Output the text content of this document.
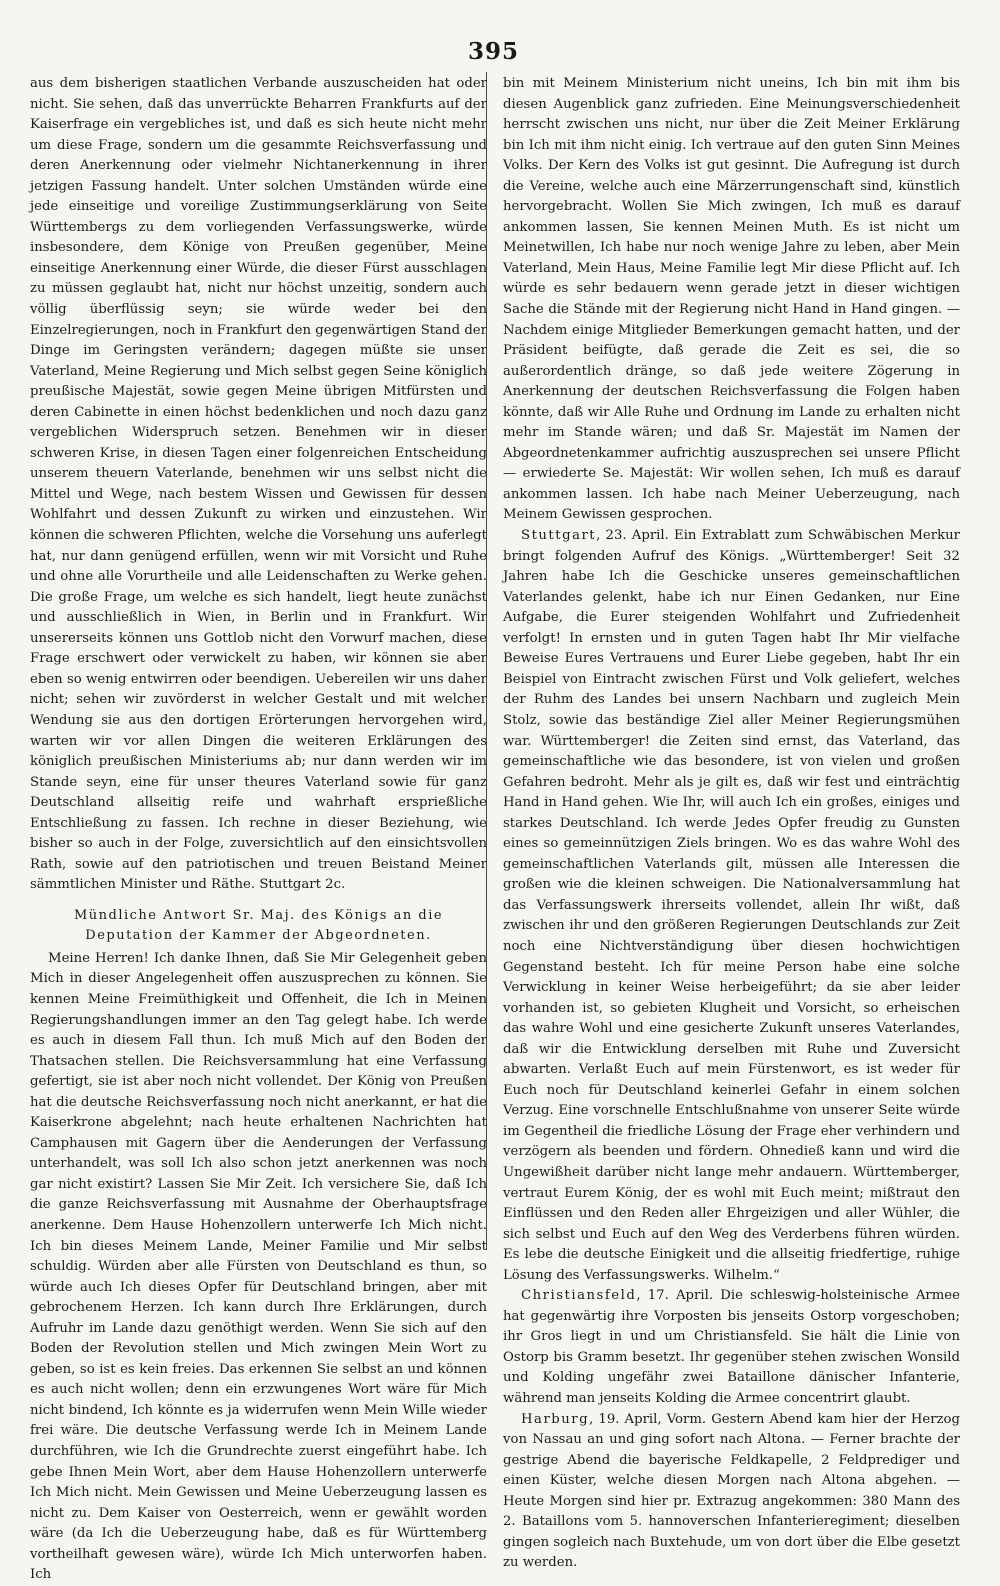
395

aus dem bisherigen staatlichen Verbande auszuscheiden hat oder nicht. Sie sehen, daß das unverrückte Beharren Frankfurts auf der Kaiserfrage ein vergebliches ist, und daß es sich heute nicht mehr um diese Frage, sondern um die gesammte Reichsverfassung und deren Anerkennung oder vielmehr Nichtanerkennung in ihrer jetzigen Fassung handelt. Unter solchen Umständen würde eine jede einseitige und voreilige Zustimmungserklärung von Seite Württembergs zu dem vorliegenden Verfassungswerke, würde insbesondere, dem Könige von Preußen gegenüber, Meine einseitige Anerkennung einer Würde, die dieser Fürst ausschlagen zu müssen geglaubt hat, nicht nur höchst unzeitig, sondern auch völlig überflüssig seyn; sie würde weder bei den Einzelregierungen, noch in Frankfurt den gegenwärtigen Stand der Dinge im Geringsten verändern; dagegen müßte sie unser Vaterland, Meine Regierung und Mich selbst gegen Seine königlich preußische Majestät, sowie gegen Meine übrigen Mitfürsten und deren Cabinette in einen höchst bedenklichen und noch dazu ganz vergeblichen Widerspruch setzen. Benehmen wir in dieser schweren Krise, in diesen Tagen einer folgenreichen Entscheidung unserem theuern Vaterlande, benehmen wir uns selbst nicht die Mittel und Wege, nach bestem Wissen und Gewissen für dessen Wohlfahrt und dessen Zukunft zu wirken und einzustehen. Wir können die schweren Pflichten, welche die Vorsehung uns auferlegt hat, nur dann genügend erfüllen, wenn wir mit Vorsicht und Ruhe und ohne alle Vorurtheile und alle Leidenschaften zu Werke gehen. Die große Frage, um welche es sich handelt, liegt heute zunächst und ausschließlich in Wien, in Berlin und in Frankfurt. Wir unsererseits können uns Gottlob nicht den Vorwurf machen, diese Frage erschwert oder verwickelt zu haben, wir können sie aber eben so wenig entwirren oder beendigen. Uebereilen wir uns daher nicht; sehen wir zuvörderst in welcher Gestalt und mit welcher Wendung sie aus den dortigen Erörterungen hervorgehen wird, warten wir vor allen Dingen die weiteren Erklärungen des königlich preußischen Ministeriums ab; nur dann werden wir im Stande seyn, eine für unser theures Vaterland sowie für ganz Deutschland allseitig reife und wahrhaft ersprießliche Entschließung zu fassen. Ich rechne in dieser Beziehung, wie bisher so auch in der Folge, zuversichtlich auf den einsichtsvollen Rath, sowie auf den patriotischen und treuen Beistand Meiner sämmtlichen Minister und Räthe. Stuttgart 2c.

Mündliche Antwort Sr. Maj. des Königs an die Deputation der Kammer der Abgeordneten.

Meine Herren! Ich danke Ihnen, daß Sie Mir Gelegenheit geben Mich in dieser Angelegenheit offen auszusprechen zu können. Sie kennen Meine Freimüthigkeit und Offenheit, die Ich in Meinen Regierungshandlungen immer an den Tag gelegt habe. Ich werde es auch in diesem Fall thun. Ich muß Mich auf den Boden der Thatsachen stellen. Die Reichsversammlung hat eine Verfassung gefertigt, sie ist aber noch nicht vollendet. Der König von Preußen hat die deutsche Reichsverfassung noch nicht anerkannt, er hat die Kaiserkrone abgelehnt; nach heute erhaltenen Nachrichten hat Camphausen mit Gagern über die Aenderungen der Verfassung unterhandelt, was soll Ich also schon jetzt anerkennen was noch gar nicht existirt? Lassen Sie Mir Zeit. Ich versichere Sie, daß Ich die ganze Reichsverfassung mit Ausnahme der Oberhauptsfrage anerkenne. Dem Hause Hohenzollern unterwerfe Ich Mich nicht. Ich bin dieses Meinem Lande, Meiner Familie und Mir selbst schuldig. Würden aber alle Fürsten von Deutschland es thun, so würde auch Ich dieses Opfer für Deutschland bringen, aber mit gebrochenem Herzen. Ich kann durch Ihre Erklärungen, durch Aufruhr im Lande dazu genöthigt werden. Wenn Sie sich auf den Boden der Revolution stellen und Mich zwingen Mein Wort zu geben, so ist es kein freies. Das erkennen Sie selbst an und können es auch nicht wollen; denn ein erzwungenes Wort wäre für Mich nicht bindend, Ich könnte es ja widerrufen wenn Mein Wille wieder frei wäre. Die deutsche Verfassung werde Ich in Meinem Lande durchführen, wie Ich die Grundrechte zuerst eingeführt habe. Ich gebe Ihnen Mein Wort, aber dem Hause Hohenzollern unterwerfe Ich Mich nicht. Mein Gewissen und Meine Ueberzeugung lassen es nicht zu. Dem Kaiser von Oesterreich, wenn er gewählt worden wäre (da Ich die Ueberzeugung habe, daß es für Württemberg vortheilhaft gewesen wäre), würde Ich Mich unterworfen haben. Ich

bin mit Meinem Ministerium nicht uneins, Ich bin mit ihm bis diesen Augenblick ganz zufrieden. Eine Meinungsverschiedenheit herrscht zwischen uns nicht, nur über die Zeit Meiner Erklärung bin Ich mit ihm nicht einig. Ich vertraue auf den guten Sinn Meines Volks. Der Kern des Volks ist gut gesinnt. Die Aufregung ist durch die Vereine, welche auch eine Märzerrungenschaft sind, künstlich hervorgebracht. Wollen Sie Mich zwingen, Ich muß es darauf ankommen lassen, Sie kennen Meinen Muth. Es ist nicht um Meinetwillen, Ich habe nur noch wenige Jahre zu leben, aber Mein Vaterland, Mein Haus, Meine Familie legt Mir diese Pflicht auf. Ich würde es sehr bedauern wenn gerade jetzt in dieser wichtigen Sache die Stände mit der Regierung nicht Hand in Hand gingen. — Nachdem einige Mitglieder Bemerkungen gemacht hatten, und der Präsident beifügte, daß gerade die Zeit es sei, die so außerordentlich dränge, so daß jede weitere Zögerung in Anerkennung der deutschen Reichsverfassung die Folgen haben könnte, daß wir Alle Ruhe und Ordnung im Lande zu erhalten nicht mehr im Stande wären; und daß Sr. Majestät im Namen der Abgeordnetenkammer aufrichtig auszusprechen sei unsere Pflicht — erwiederte Se. Majestät: Wir wollen sehen, Ich muß es darauf ankommen lassen. Ich habe nach Meiner Ueberzeugung, nach Meinem Gewissen gesprochen.

Stuttgart, 23. April. Ein Extrablatt zum Schwäbischen Merkur bringt folgenden Aufruf des Königs. „Württemberger! Seit 32 Jahren habe Ich die Geschicke unseres gemeinschaftlichen Vaterlandes gelenkt, habe ich nur Einen Gedanken, nur Eine Aufgabe, die Eurer steigenden Wohlfahrt und Zufriedenheit verfolgt! In ernsten und in guten Tagen habt Ihr Mir vielfache Beweise Eures Vertrauens und Eurer Liebe gegeben, habt Ihr ein Beispiel von Eintracht zwischen Fürst und Volk geliefert, welches der Ruhm des Landes bei unsern Nachbarn und zugleich Mein Stolz, sowie das beständige Ziel aller Meiner Regierungsmühen war. Württemberger! die Zeiten sind ernst, das Vaterland, das gemeinschaftliche wie das besondere, ist von vielen und großen Gefahren bedroht. Mehr als je gilt es, daß wir fest und einträchtig Hand in Hand gehen. Wie Ihr, will auch Ich ein großes, einiges und starkes Deutschland. Ich werde Jedes Opfer freudig zu Gunsten eines so gemeinnützigen Ziels bringen. Wo es das wahre Wohl des gemeinschaftlichen Vaterlands gilt, müssen alle Interessen die großen wie die kleinen schweigen. Die Nationalversammlung hat das Verfassungswerk ihrerseits vollendet, allein Ihr wißt, daß zwischen ihr und den größeren Regierungen Deutschlands zur Zeit noch eine Nichtverständigung über diesen hochwichtigen Gegenstand besteht. Ich für meine Person habe eine solche Verwicklung in keiner Weise herbeigeführt; da sie aber leider vorhanden ist, so gebieten Klugheit und Vorsicht, so erheischen das wahre Wohl und eine gesicherte Zukunft unseres Vaterlandes, daß wir die Entwicklung derselben mit Ruhe und Zuversicht abwarten. Verlaßt Euch auf mein Fürstenwort, es ist weder für Euch noch für Deutschland keinerlei Gefahr in einem solchen Verzug. Eine vorschnelle Entschlußnahme von unserer Seite würde im Gegentheil die friedliche Lösung der Frage eher verhindern und verzögern als beenden und fördern. Ohnedieß kann und wird die Ungewißheit darüber nicht lange mehr andauern. Württemberger, vertraut Eurem König, der es wohl mit Euch meint; mißtraut den Einflüssen und den Reden aller Ehrgeizigen und aller Wühler, die sich selbst und Euch auf den Weg des Verderbens führen würden. Es lebe die deutsche Einigkeit und die allseitig friedfertige, ruhige Lösung des Verfassungswerks. Wilhelm.“

Christiansfeld, 17. April. Die schleswig-holsteinische Armee hat gegenwärtig ihre Vorposten bis jenseits Ostorp vorgeschoben; ihr Gros liegt in und um Christiansfeld. Sie hält die Linie von Ostorp bis Gramm besetzt. Ihr gegenüber stehen zwischen Wonsild und Kolding ungefähr zwei Bataillone dänischer Infanterie, während man jenseits Kolding die Armee concentrirt glaubt.

Harburg, 19. April, Vorm. Gestern Abend kam hier der Herzog von Nassau an und ging sofort nach Altona. — Ferner brachte der gestrige Abend die bayerische Feldkapelle, 2 Feldprediger und einen Küster, welche diesen Morgen nach Altona abgehen. — Heute Morgen sind hier pr. Extrazug angekommen: 380 Mann des 2. Bataillons vom 5. hannoverschen Infanterieregiment; dieselben gingen sogleich nach Buxtehude, um von dort über die Elbe gesetzt zu werden.
